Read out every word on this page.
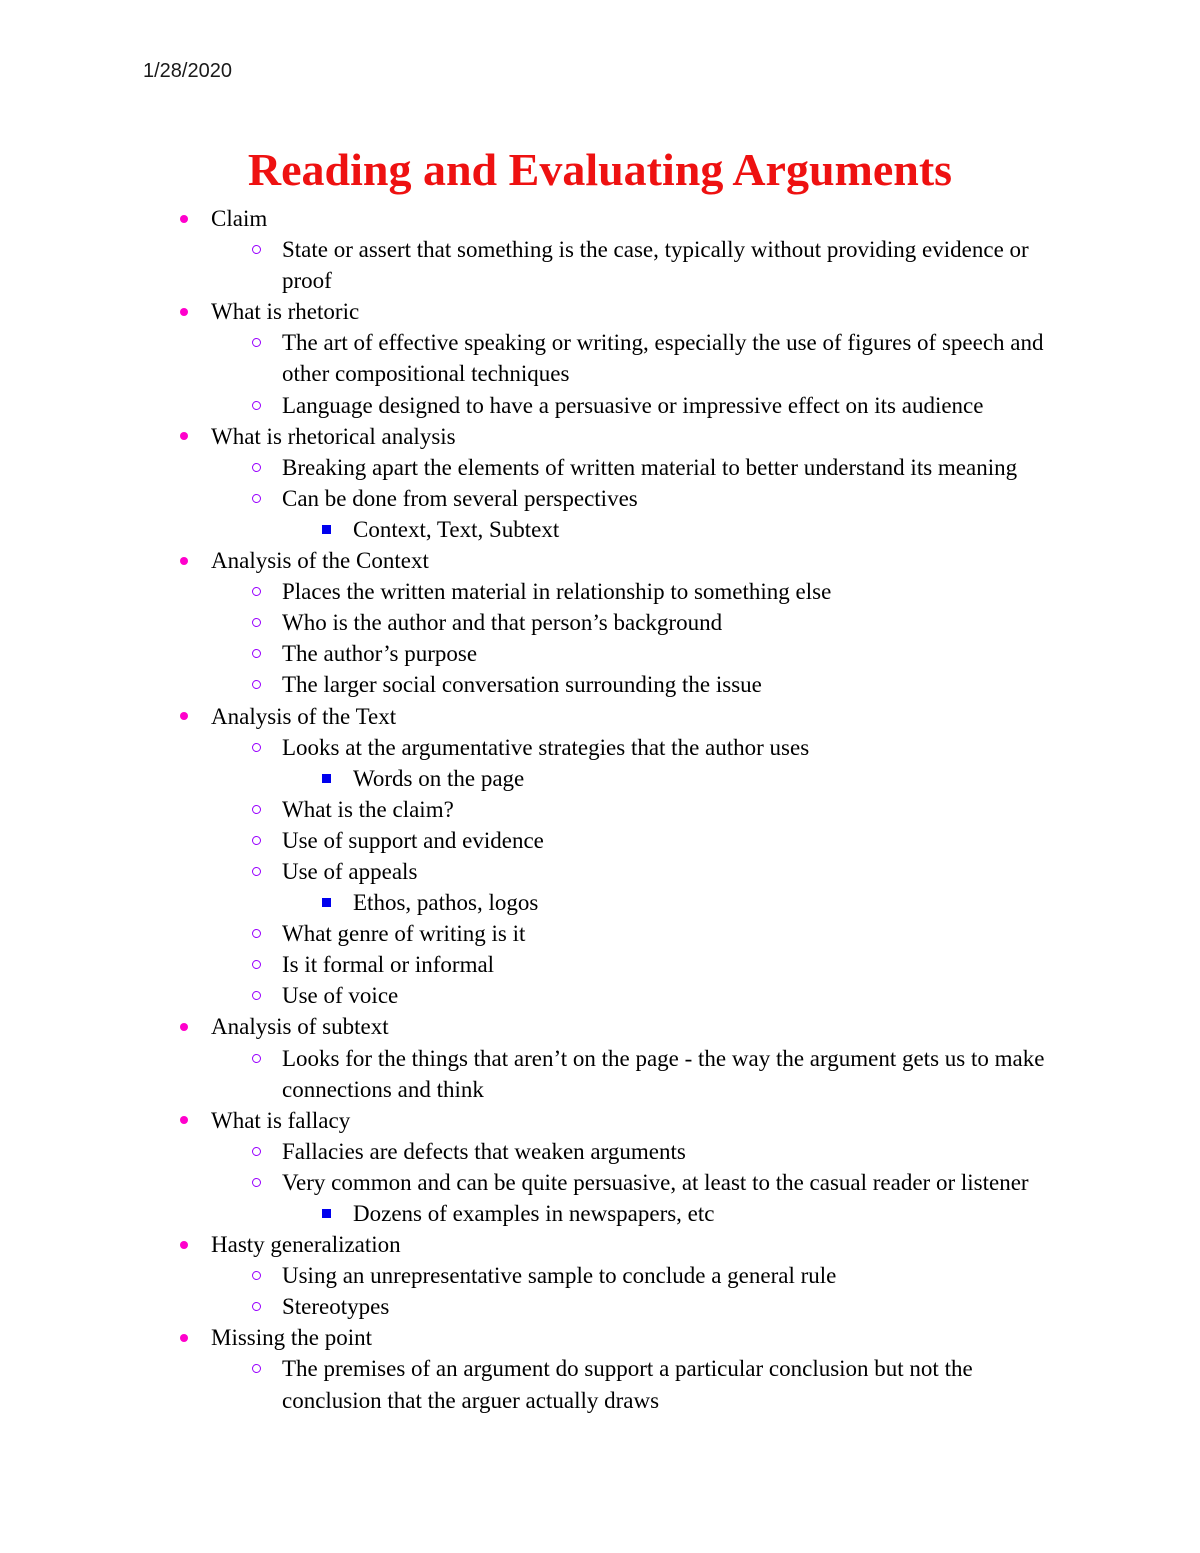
1/28/2020
Reading and Evaluating Arguments
Claim
State or assert that something is the case, typically without providing evidence or proof
What is rhetoric
The art of effective speaking or writing, especially the use of figures of speech and other compositional techniques
Language designed to have a persuasive or impressive effect on its audience
What is rhetorical analysis
Breaking apart the elements of written material to better understand its meaning
Can be done from several perspectives
Context, Text, Subtext
Analysis of the Context
Places the written material in relationship to something else
Who is the author and that person’s background
The author’s purpose
The larger social conversation surrounding the issue
Analysis of the Text
Looks at the argumentative strategies that the author uses
Words on the page
What is the claim?
Use of support and evidence
Use of appeals
Ethos, pathos, logos
What genre of writing is it
Is it formal or informal
Use of voice
Analysis of subtext
Looks for the things that aren’t on the page - the way the argument gets us to make connections and think
What is fallacy
Fallacies are defects that weaken arguments
Very common and can be quite persuasive, at least to the casual reader or listener
Dozens of examples in newspapers, etc
Hasty generalization
Using an unrepresentative sample to conclude a general rule
Stereotypes
Missing the point
The premises of an argument do support a particular conclusion but not the conclusion that the arguer actually draws
